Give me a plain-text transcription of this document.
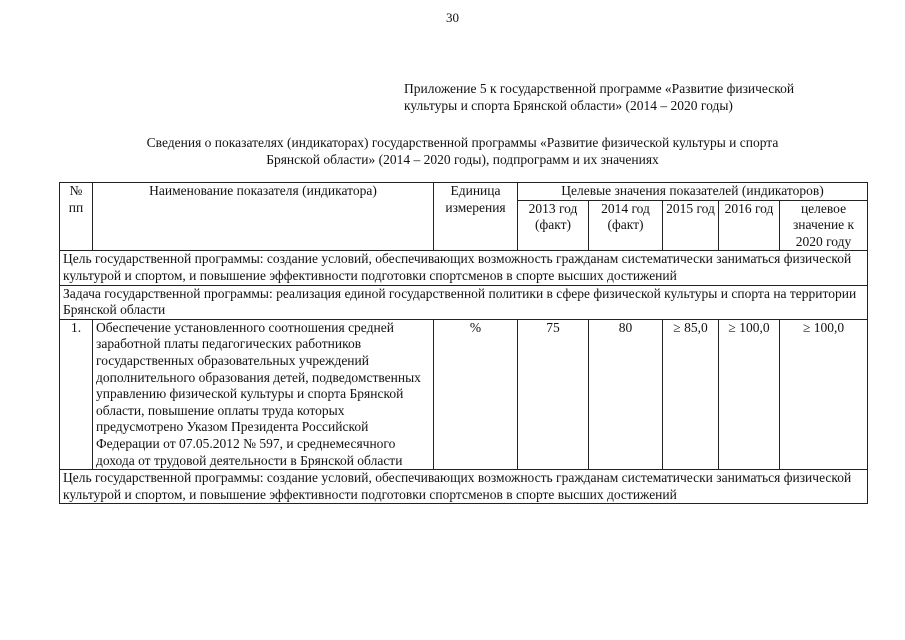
30
Приложение 5 к государственной программе «Развитие физической
культуры и спорта Брянской области» (2014 – 2020 годы)
Сведения о показателях (индикаторах) государственной программы «Развитие физической культуры и спорта
Брянской области» (2014 – 2020 годы), подпрограмм и их значениях
№ пп	Наименование показателя (индикатора)	Единица измерения	Целевые значения показателей (индикаторов)				
			2013 год (факт)	2014 год (факт)	2015 год	2016 год	целевое значение к 2020 году
Цель государственной программы: создание условий, обеспечивающих возможность гражданам систематически заниматься физической культурой и спортом, и повышение эффективности подготовки спортсменов в спорте высших достижений							
Задача государственной программы: реализация единой государственной политики в сфере физической культуры и спорта на территории Брянской области							
1.	Обеспечение установленного соотношения средней заработной платы педагогических работников государственных образовательных учреждений дополнительного образования детей, подведомственных управлению физической культуры и спорта Брянской области, повышение оплаты труда которых предусмотрено Указом Президента Российской Федерации от 07.05.2012 № 597, и среднемесячного дохода от трудовой деятельности в Брянской области	%	75	80	≥ 85,0	≥ 100,0	≥ 100,0
Цель государственной программы: создание условий, обеспечивающих возможность гражданам систематически заниматься физической культурой и спортом, и повышение эффективности подготовки спортсменов в спорте высших достижений							
